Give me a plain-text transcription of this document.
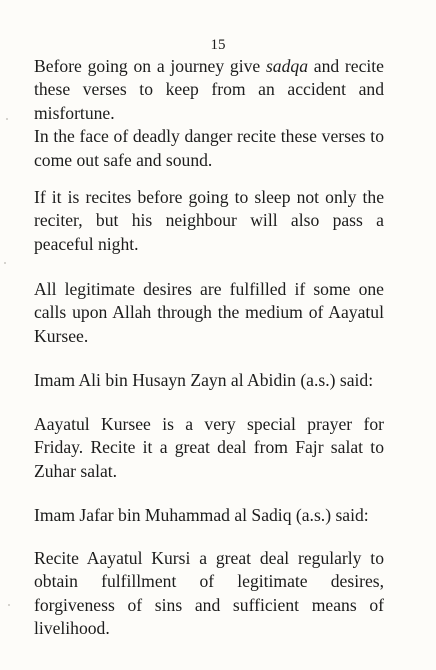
15

Before going on a journey give sadqa and recite these verses to keep from an accident and misfortune.

In the face of deadly danger recite these verses to come out safe and sound.

If it is recites before going to sleep not only the reciter, but his neighbour will also pass a peaceful night.
All legitimate desires are fulfilled if some one calls upon Allah through the medium of Aayatul Kursee.
Imam Ali bin Husayn Zayn al Abidin (a.s.) said:
Aayatul Kursee is a very special prayer for Friday. Recite it a great deal from Fajr salat to Zuhar salat.
Imam Jafar bin Muhammad al Sadiq (a.s.) said:
Recite Aayatul Kursi a great deal regularly to obtain fulfillment of legitimate desires, forgiveness of sins and sufficient means of livelihood.
